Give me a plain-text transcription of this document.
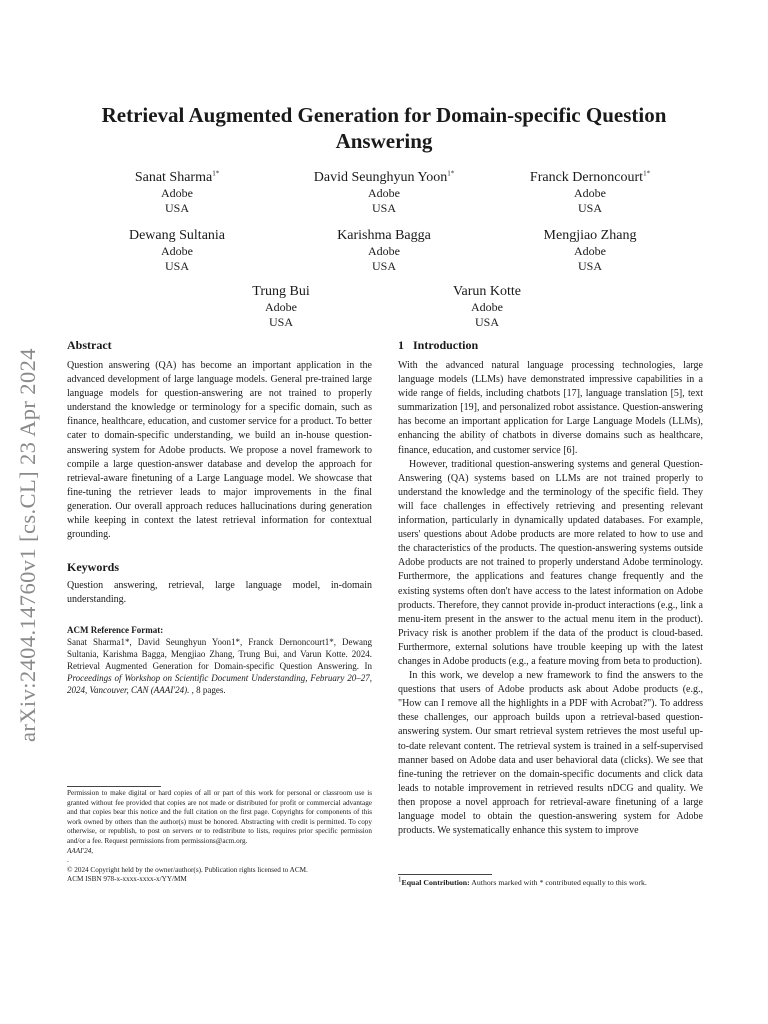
arXiv:2404.14760v1 [cs.CL] 23 Apr 2024
Retrieval Augmented Generation for Domain-specific Question Answering
Sanat Sharma$^{1*}$
Adobe
USA
David Seunghyun Yoon$^{1*}$
Adobe
USA
Franck Dernoncourt$^{1*}$
Adobe
USA
Dewang Sultania
Adobe
USA
Karishma Bagga
Adobe
USA
Mengjiao Zhang
Adobe
USA
Trung Bui
Adobe
USA
Varun Kotte
Adobe
USA
Abstract

Question answering (QA) has become an important application in the advanced development of large language models. General pre-trained large language models for question-answering are not trained to properly understand the knowledge or terminology for a specific domain, such as finance, healthcare, education, and customer service for a product. To better cater to domain-specific understanding, we build an in-house question-answering system for Adobe products. We propose a novel framework to compile a large question-answer database and develop the approach for retrieval-aware finetuning of a Large Language model. We showcase that fine-tuning the retriever leads to major improvements in the final generation. Our overall approach reduces hallucinations during generation while keeping in context the latest retrieval information for contextual grounding.

Keywords

Question answering, retrieval, large language model, in-domain understanding.

ACM Reference Format:
Sanat Sharma1*, David Seunghyun Yoon1*, Franck Dernoncourt1*, Dewang Sultania, Karishma Bagga, Mengjiao Zhang, Trung Bui, and Varun Kotte. 2024. Retrieval Augmented Generation for Domain-specific Question Answering. In Proceedings of Workshop on Scientific Document Understanding, February 20–27, 2024, Vancouver, CAN (AAAI'24). , 8 pages.
Permission to make digital or hard copies of all or part of this work for personal or classroom use is granted without fee provided that copies are not made or distributed for profit or commercial advantage and that copies bear this notice and the full citation on the first page. Copyrights for components of this work owned by others than the author(s) must be honored. Abstracting with credit is permitted. To copy otherwise, or republish, to post on servers or to redistribute to lists, requires prior specific permission and/or a fee. Request permissions from permissions@acm.org.
AAAI'24,
.
© 2024 Copyright held by the owner/author(s). Publication rights licensed to ACM.
ACM ISBN 978-x-xxxx-xxxx-x/YY/MM
1 Introduction

With the advanced natural language processing technologies, large language models (LLMs) have demonstrated impressive capabilities in a wide range of fields, including chatbots [17], language translation [5], text summarization [19], and personalized robot assistance. Question-answering has become an important application for Large Language Models (LLMs), enhancing the ability of chatbots in diverse domains such as healthcare, finance, education, and customer service [6].

However, traditional question-answering systems and general Question-Answering (QA) systems based on LLMs are not trained properly to understand the knowledge and the terminology of the specific field. They will face challenges in effectively retrieving and presenting relevant information, particularly in dynamically updated databases. For example, users' questions about Adobe products are more related to how to use and the characteristics of the products. The question-answering systems outside Adobe products are not trained to properly understand Adobe terminology. Furthermore, the applications and features change frequently and the existing systems often don't have access to the latest information on Adobe products. Therefore, they cannot provide in-product interactions (e.g., link a menu-item present in the answer to the actual menu item in the product). Privacy risk is another problem if the data of the product is cloud-based. Furthermore, external solutions have trouble keeping up with the latest changes in Adobe products (e.g., a feature moving from beta to production).

In this work, we develop a new framework to find the answers to the questions that users of Adobe products ask about Adobe products (e.g., "How can I remove all the highlights in a PDF with Acrobat?"). To address these challenges, our approach builds upon a retrieval-based question-answering system. Our smart retrieval system retrieves the most useful up-to-date relevant content. The retrieval system is trained in a self-supervised manner based on Adobe data and user behavioral data (clicks). We see that fine-tuning the retriever on the domain-specific documents and click data leads to notable improvement in retrieved results nDCG and quality. We then propose a novel approach for retrieval-aware finetuning of a large language model to obtain the question-answering system for Adobe products. We systematically enhance this system to improve

$^1$Equal Contribution: Authors marked with * contributed equally to this work.
